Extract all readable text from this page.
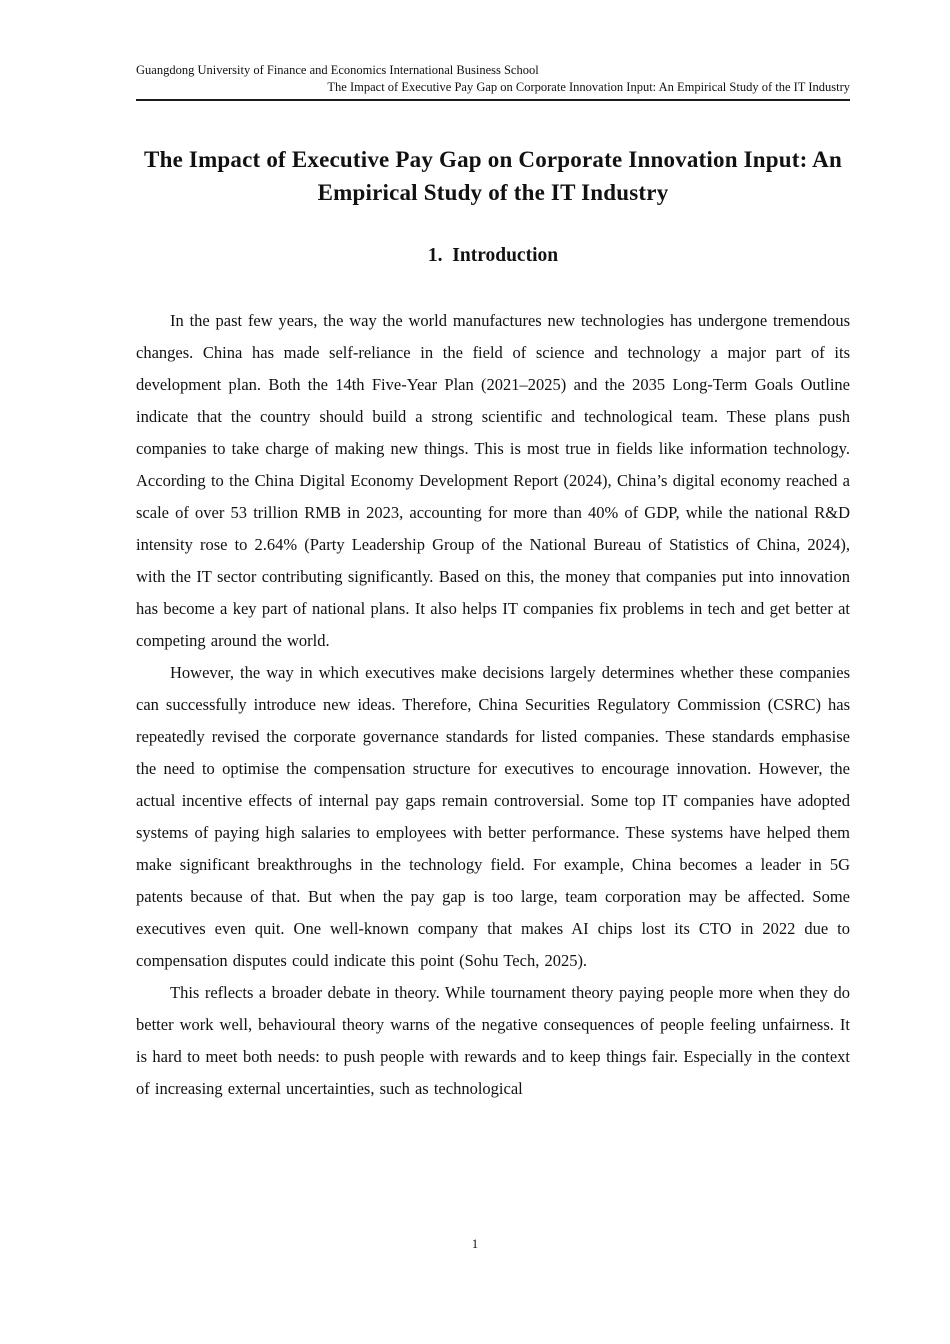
Guangdong University of Finance and Economics International Business School
The Impact of Executive Pay Gap on Corporate Innovation Input: An Empirical Study of the IT Industry
The Impact of Executive Pay Gap on Corporate Innovation Input: An Empirical Study of the IT Industry
1.  Introduction

In the past few years, the way the world manufactures new technologies has undergone tremendous changes. China has made self-reliance in the field of science and technology a major part of its development plan. Both the 14th Five-Year Plan (2021–2025) and the 2035 Long-Term Goals Outline indicate that the country should build a strong scientific and technological team. These plans push companies to take charge of making new things. This is most true in fields like information technology. According to the China Digital Economy Development Report (2024), China’s digital economy reached a scale of over 53 trillion RMB in 2023, accounting for more than 40% of GDP, while the national R&D intensity rose to 2.64% (Party Leadership Group of the National Bureau of Statistics of China, 2024), with the IT sector contributing significantly. Based on this, the money that companies put into innovation has become a key part of national plans. It also helps IT companies fix problems in tech and get better at competing around the world.

However, the way in which executives make decisions largely determines whether these companies can successfully introduce new ideas. Therefore, China Securities Regulatory Commission (CSRC) has repeatedly revised the corporate governance standards for listed companies. These standards emphasise the need to optimise the compensation structure for executives to encourage innovation. However, the actual incentive effects of internal pay gaps remain controversial. Some top IT companies have adopted systems of paying high salaries to employees with better performance. These systems have helped them make significant breakthroughs in the technology field. For example, China becomes a leader in 5G patents because of that. But when the pay gap is too large, team corporation may be affected. Some executives even quit. One well-known company that makes AI chips lost its CTO in 2022 due to compensation disputes could indicate this point (Sohu Tech, 2025).

This reflects a broader debate in theory. While tournament theory paying people more when they do better work well, behavioural theory warns of the negative consequences of people feeling unfairness. It is hard to meet both needs: to push people with rewards and to keep things fair. Especially in the context of increasing external uncertainties, such as technological

1
